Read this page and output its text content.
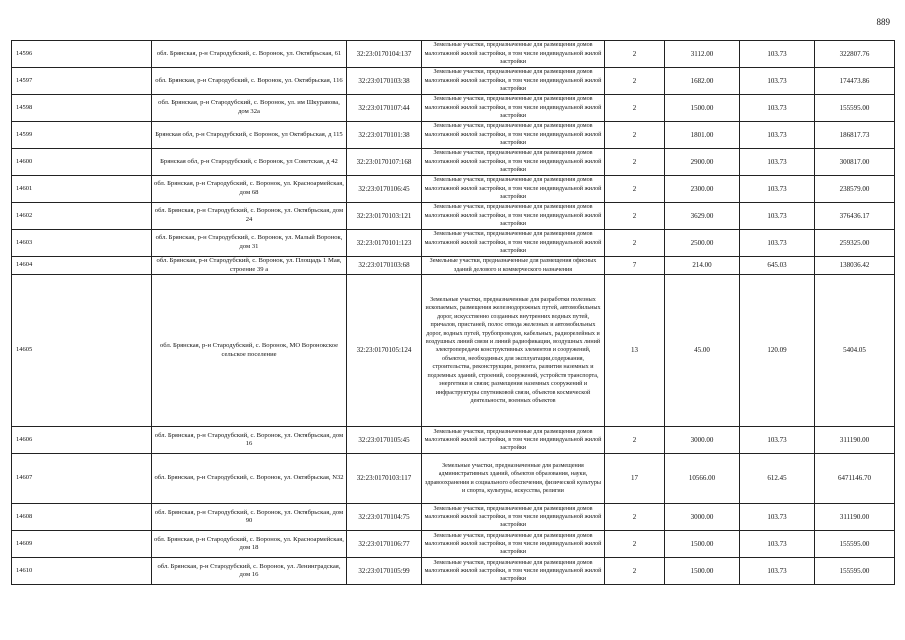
889
14596	обл. Брянская, р-н Стародубский, с. Воронок, ул. Октябрьская, 61	32:23:0170104:137	Земельные участки, предназначенные для размещения домов малоэтажной жилой застройки, в том числе индивидуальной жилой застройки	2	3112.00	103.73	322807.76
14597	обл. Брянская, р-н Стародубский, с. Воронок, ул. Октябрьская, 116	32:23:0170103:38	Земельные участки, предназначенные для размещения домов малоэтажной жилой застройки, в том числе индивидуальной жилой застройки	2	1682.00	103.73	174473.86
14598	обл. Брянская, р-н Стародубский, с. Воронок, ул. им Шкуравова, дом 32а	32:23:0170107:44	Земельные участки, предназначенные для размещения домов малоэтажной жилой застройки, в том числе индивидуальной жилой застройки	2	1500.00	103.73	155595.00
14599	Брянская обл, р-н Стародубский, с Воронок, ул Октябрьская, д 115	32:23:0170101:38	Земельные участки, предназначенные для размещения домов малоэтажной жилой застройки, в том числе индивидуальной жилой застройки	2	1801.00	103.73	186817.73
14600	Брянская обл, р-н Стародубский, с Воронок, ул Советская, д 42	32:23:0170107:168	Земельные участки, предназначенные для размещения домов малоэтажной жилой застройки, в том числе индивидуальной жилой застройки	2	2900.00	103.73	300817.00
14601	обл. Брянская, р-н Стародубский, с. Воронок, ул. Красноармейская, дом 68	32:23:0170106:45	Земельные участки, предназначенные для размещения домов малоэтажной жилой застройки, в том числе индивидуальной жилой застройки	2	2300.00	103.73	238579.00
14602	обл. Брянская, р-н Стародубский, с. Воронок, ул. Октябрьская, дом 24	32:23:0170103:121	Земельные участки, предназначенные для размещения домов малоэтажной жилой застройки, в том числе индивидуальной жилой застройки	2	3629.00	103.73	376436.17
14603	обл. Брянская, р-н Стародубский, с. Воронок, ул. Малый Воронок, дом 31	32:23:0170101:123	Земельные участки, предназначенные для размещения домов малоэтажной жилой застройки, в том числе индивидуальной жилой застройки	2	2500.00	103.73	259325.00
14604	обл. Брянская, р-н Стародубский, с. Воронок, ул. Площадь 1 Мая, строение 39 а	32:23:0170103:68	Земельные участки, предназначенные для размещения офисных зданий делового и коммерческого назначения	7	214.00	645.03	138036.42
14605	обл. Брянская, р-н Стародубский, с. Воронок, МО Воронокское сельское поселение	32:23:0170105:124	Земельные участки, предназначенные для разработки полезных ископаемых, размещения железнодорожных путей, автомобильных дорог, искусственно созданных внутренних водных путей, причалов, пристаней, полос отвода железных и автомобильных дорог, водных путей, трубопроводов, кабельных, радиорелейных и воздушных линий связи и линий радиофикации, воздушных линий электропередачи конструктивных элементов и сооружений, объектов, необходимых для эксплуатации,содержания, строительства, реконструкции, ремонта, развития наземных и подземных зданий, строений, сооружений, устройств транспорта, энергетики и связи; размещения наземных сооружений и инфраструктуры спутниковой связи, объектов космической деятельности, военных объектов	13	45.00	120.09	5404.05
14606	обл. Брянская, р-н Стародубский, с. Воронок, ул. Октябрьская, дом 16	32:23:0170105:45	Земельные участки, предназначенные для размещения домов малоэтажной жилой застройки, в том числе индивидуальной жилой застройки	2	3000.00	103.73	311190.00
14607	обл. Брянская, р-н Стародубский, с. Воронок, ул. Октябрьская, N32	32:23:0170103:117	Земельные участки, предназначенные для размещения административных зданий, объектов образования, науки, здравоохранения и социального обеспечения, физической культуры и спорта, культуры, искусства, религии	17	10566.00	612.45	6471146.70
14608	обл. Брянская, р-н Стародубский, с. Воронок, ул. Октябрьская, дом 90	32:23:0170104:75	Земельные участки, предназначенные для размещения домов малоэтажной жилой застройки, в том числе индивидуальной жилой застройки	2	3000.00	103.73	311190.00
14609	обл. Брянская, р-н Стародубский, с. Воронок, ул. Красноармейская, дом 18	32:23:0170106:77	Земельные участки, предназначенные для размещения домов малоэтажной жилой застройки, в том числе индивидуальной жилой застройки	2	1500.00	103.73	155595.00
14610	обл. Брянская, р-н Стародубский, с. Воронок, ул. Ленинградская, дом 16	32:23:0170105:99	Земельные участки, предназначенные для размещения домов малоэтажной жилой застройки, в том числе индивидуальной жилой застройки	2	1500.00	103.73	155595.00
